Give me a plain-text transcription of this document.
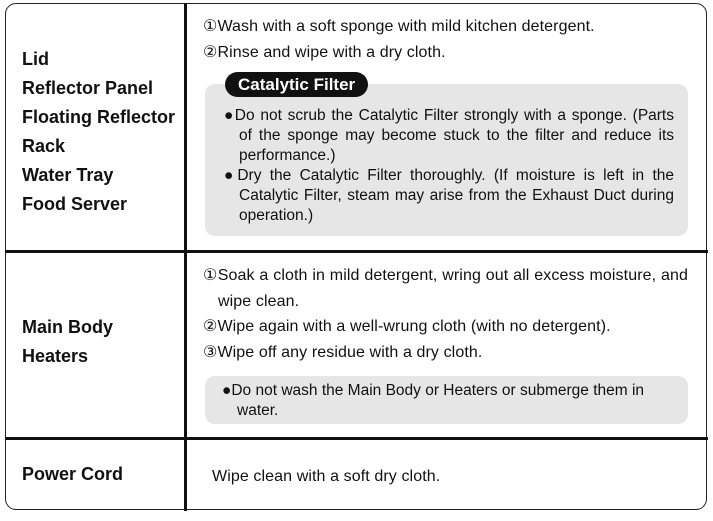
Lid
Reflector Panel
Floating Reflector
Rack
Water Tray
Food Server
①Wash with a soft sponge with mild kitchen detergent.
②Rinse and wipe with a dry cloth.
Catalytic Filter

●Do not scrub the Catalytic Filter strongly with a sponge. (Parts of the sponge may become stuck to the filter and reduce its performance.)

●Dry the Catalytic Filter thoroughly. (If moisture is left in the Catalytic Filter, steam may arise from the Exhaust Duct during operation.)

Main Body
Heaters
①Soak a cloth in mild detergent, wring out all excess moisture, and wipe clean.
②Wipe again with a well-wrung cloth (with no detergent).
③Wipe off any residue with a dry cloth.

●Do not wash the Main Body or Heaters or submerge them in water.

Power Cord	Wipe clean with a soft dry cloth.
